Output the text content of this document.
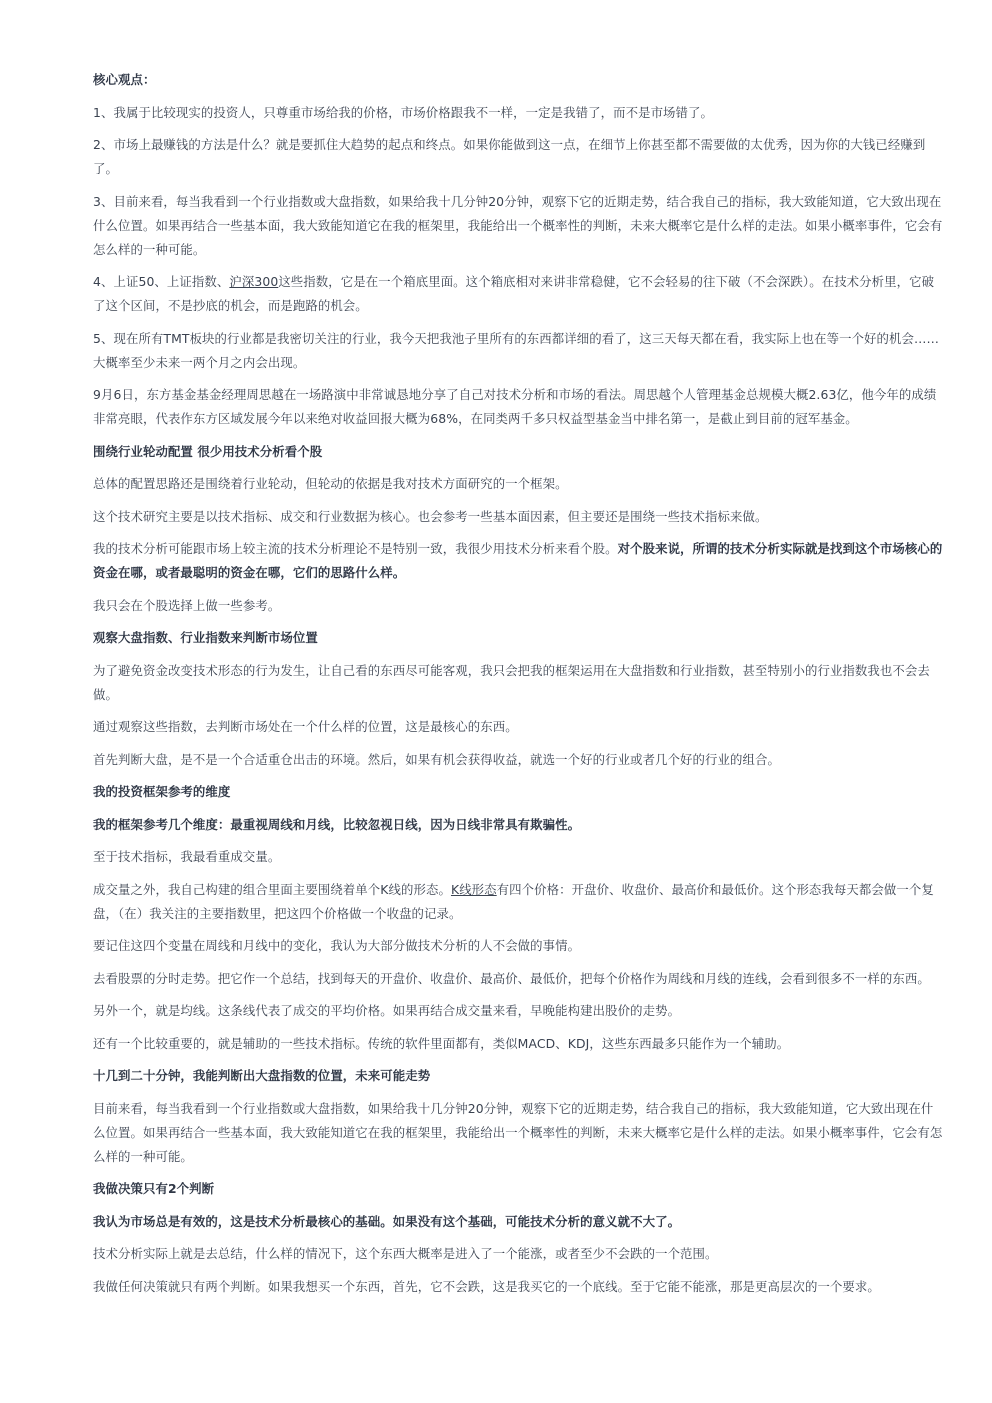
核心观点：

1、我属于比较现实的投资人，只尊重市场给我的价格，市场价格跟我不一样，一定是我错了，而不是市场错了。

2、市场上最赚钱的方法是什么？就是要抓住大趋势的起点和终点。如果你能做到这一点，在细节上你甚至都不需要做的太优秀，因为你的大钱已经赚到了。

3、目前来看，每当我看到一个行业指数或大盘指数，如果给我十几分钟20分钟，观察下它的近期走势，结合我自己的指标，我大致能知道，它大致出现在什么位置。如果再结合一些基本面，我大致能知道它在我的框架里，我能给出一个概率性的判断，未来大概率它是什么样的走法。如果小概率事件，它会有怎么样的一种可能。

4、上证50、上证指数、沪深300这些指数，它是在一个箱底里面。这个箱底相对来讲非常稳健，它不会轻易的往下破（不会深跌）。在技术分析里，它破了这个区间，不是抄底的机会，而是跑路的机会。

5、现在所有TMT板块的行业都是我密切关注的行业，我今天把我池子里所有的东西都详细的看了，这三天每天都在看，我实际上也在等一个好的机会……大概率至少未来一两个月之内会出现。

9月6日，东方基金基金经理周思越在一场路演中非常诚恳地分享了自己对技术分析和市场的看法。周思越个人管理基金总规模大概2.63亿，他今年的成绩非常亮眼，代表作东方区域发展今年以来绝对收益回报大概为68%，在同类两千多只权益型基金当中排名第一，是截止到目前的冠军基金。

围绕行业轮动配置 很少用技术分析看个股

总体的配置思路还是围绕着行业轮动，但轮动的依据是我对技术方面研究的一个框架。

这个技术研究主要是以技术指标、成交和行业数据为核心。也会参考一些基本面因素，但主要还是围绕一些技术指标来做。

我的技术分析可能跟市场上较主流的技术分析理论不是特别一致，我很少用技术分析来看个股。对个股来说，所谓的技术分析实际就是找到这个市场核心的资金在哪，或者最聪明的资金在哪，它们的思路什么样。

我只会在个股选择上做一些参考。

观察大盘指数、行业指数来判断市场位置

为了避免资金改变技术形态的行为发生，让自己看的东西尽可能客观，我只会把我的框架运用在大盘指数和行业指数，甚至特别小的行业指数我也不会去做。

通过观察这些指数，去判断市场处在一个什么样的位置，这是最核心的东西。

首先判断大盘，是不是一个合适重仓出击的环境。然后，如果有机会获得收益，就选一个好的行业或者几个好的行业的组合。

我的投资框架参考的维度

我的框架参考几个维度：最重视周线和月线，比较忽视日线，因为日线非常具有欺骗性。

至于技术指标，我最看重成交量。

成交量之外，我自己构建的组合里面主要围绕着单个K线的形态。K线形态有四个价格：开盘价、收盘价、最高价和最低价。这个形态我每天都会做一个复盘，（在）我关注的主要指数里，把这四个价格做一个收盘的记录。

要记住这四个变量在周线和月线中的变化，我认为大部分做技术分析的人不会做的事情。

去看股票的分时走势。把它作一个总结，找到每天的开盘价、收盘价、最高价、最低价，把每个价格作为周线和月线的连线，会看到很多不一样的东西。

另外一个，就是均线。这条线代表了成交的平均价格。如果再结合成交量来看，早晚能构建出股价的走势。

还有一个比较重要的，就是辅助的一些技术指标。传统的软件里面都有，类似MACD、KDJ，这些东西最多只能作为一个辅助。

十几到二十分钟，我能判断出大盘指数的位置，未来可能走势

目前来看，每当我看到一个行业指数或大盘指数，如果给我十几分钟20分钟，观察下它的近期走势，结合我自己的指标，我大致能知道，它大致出现在什么位置。如果再结合一些基本面，我大致能知道它在我的框架里，我能给出一个概率性的判断，未来大概率它是什么样的走法。如果小概率事件，它会有怎么样的一种可能。

我做决策只有2个判断

我认为市场总是有效的，这是技术分析最核心的基础。如果没有这个基础，可能技术分析的意义就不大了。

技术分析实际上就是去总结，什么样的情况下，这个东西大概率是进入了一个能涨，或者至少不会跌的一个范围。

我做任何决策就只有两个判断。如果我想买一个东西，首先，它不会跌，这是我买它的一个底线。至于它能不能涨，那是更高层次的一个要求。
